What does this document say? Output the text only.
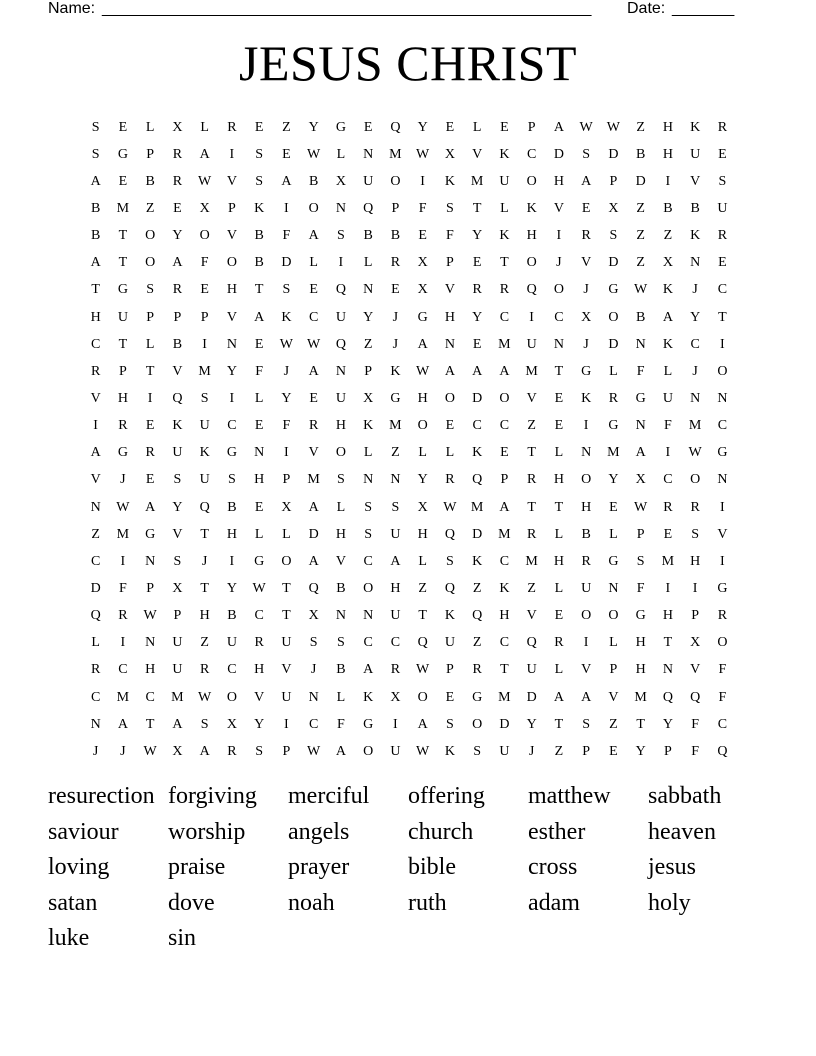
Name: _______________________________________________________ Date: _______
JESUS CHRIST
S	E	L	X	L	R	E	Z	Y	G	E	Q	Y	E	L	E	P	A	W	W	Z	H	K	R
S	G	P	R	A	I	S	E	W	L	N	M	W	X	V	K	C	D	S	D	B	H	U	E
A	E	B	R	W	V	S	A	B	X	U	O	I	K	M	U	O	H	A	P	D	I	V	S
B	M	Z	E	X	P	K	I	O	N	Q	P	F	S	T	L	K	V	E	X	Z	B	B	U
B	T	O	Y	O	V	B	F	A	S	B	B	E	F	Y	K	H	I	R	S	Z	Z	K	R
A	T	O	A	F	O	B	D	L	I	L	R	X	P	E	T	O	J	V	D	Z	X	N	E
T	G	S	R	E	H	T	S	E	Q	N	E	X	V	R	R	Q	O	J	G	W	K	J	C
H	U	P	P	P	V	A	K	C	U	Y	J	G	H	Y	C	I	C	X	O	B	A	Y	T
C	T	L	B	I	N	E	W	W	Q	Z	J	A	N	E	M	U	N	J	D	N	K	C	I
R	P	T	V	M	Y	F	J	A	N	P	K	W	A	A	A	M	T	G	L	F	L	J	O
V	H	I	Q	S	I	L	Y	E	U	X	G	H	O	D	O	V	E	K	R	G	U	N	N
I	R	E	K	U	C	E	F	R	H	K	M	O	E	C	C	Z	E	I	G	N	F	M	C
A	G	R	U	K	G	N	I	V	O	L	Z	L	L	K	E	T	L	N	M	A	I	W	G
V	J	E	S	U	S	H	P	M	S	N	N	Y	R	Q	P	R	H	O	Y	X	C	O	N
N	W	A	Y	Q	B	E	X	A	L	S	S	X	W	M	A	T	T	H	E	W	R	R	I
Z	M	G	V	T	H	L	L	D	H	S	U	H	Q	D	M	R	L	B	L	P	E	S	V
C	I	N	S	J	I	G	O	A	V	C	A	L	S	K	C	M	H	R	G	S	M	H	I
D	F	P	X	T	Y	W	T	Q	B	O	H	Z	Q	Z	K	Z	L	U	N	F	I	I	G
Q	R	W	P	H	B	C	T	X	N	N	U	T	K	Q	H	V	E	O	O	G	H	P	R
L	I	N	U	Z	U	R	U	S	S	C	C	Q	U	Z	C	Q	R	I	L	H	T	X	O
R	C	H	U	R	C	H	V	J	B	A	R	W	P	R	T	U	L	V	P	H	N	V	F
C	M	C	M	W	O	V	U	N	L	K	X	O	E	G	M	D	A	A	V	M	Q	Q	F
N	A	T	A	S	X	Y	I	C	F	G	I	A	S	O	D	Y	T	S	Z	T	Y	F	C
J	J	W	X	A	R	S	P	W	A	O	U	W	K	S	U	J	Z	P	E	Y	P	F	Q
resurection forgiving	merciful	offering	matthew	sabbath
saviour	worship	angels	church	esther	heaven
loving	praise	prayer	bible	cross	jesus
satan	dove	noah	ruth	adam	holy
luke	sin
